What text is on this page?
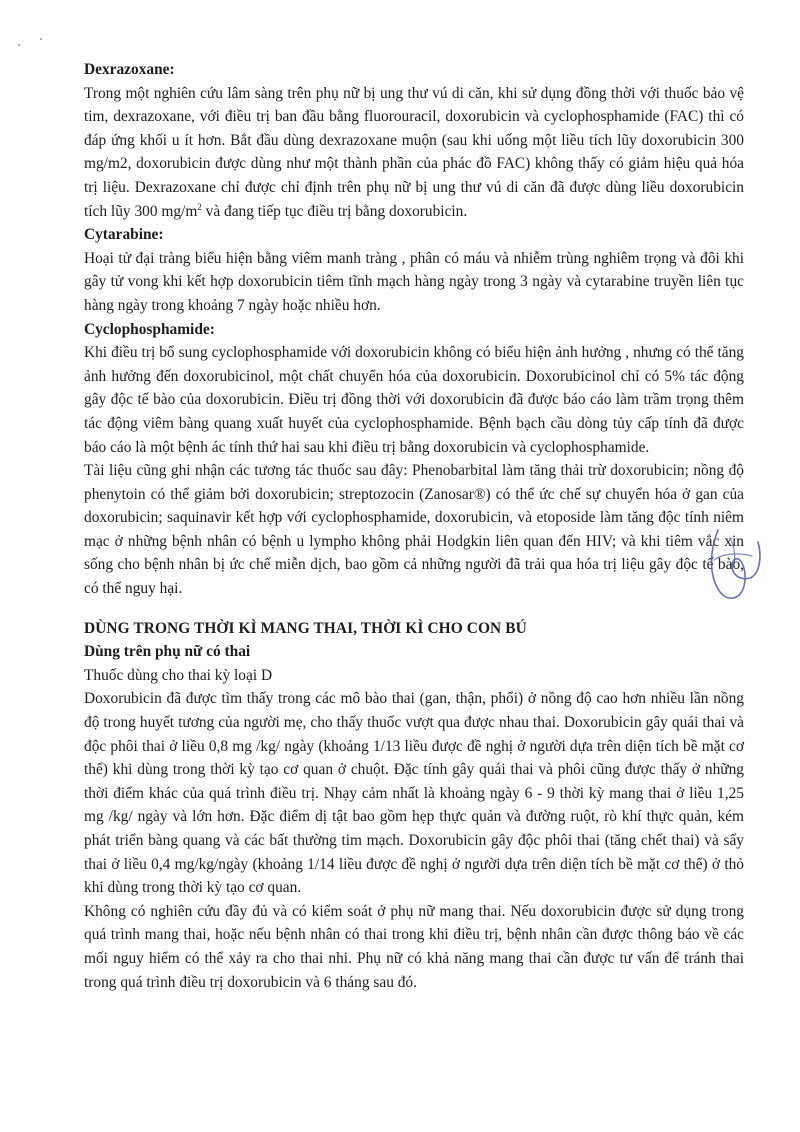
Dexrazoxane:

Trong một nghiên cứu lâm sàng trên phụ nữ bị ung thư vú di căn, khi sử dụng đồng thời với thuốc bảo vệ tim, dexrazoxane, với điều trị ban đầu bằng fluorouracil, doxorubicin và cyclophosphamide (FAC) thì có đáp ứng khối u ít hơn. Bắt đầu dùng dexrazoxane muộn (sau khi uống một liều tích lũy doxorubicin 300 mg/m2, doxorubicin được dùng như một thành phần của phác đồ FAC) không thấy có giảm hiệu quả hóa trị liệu. Dexrazoxane chỉ được chỉ định trên phụ nữ bị ung thư vú di căn đã được dùng liều doxorubicin tích lũy 300 $mg/m^2$ và đang tiếp tục điều trị bằng doxorubicin.

Cytarabine:

Hoại tử đại tràng biểu hiện bằng viêm manh tràng , phân có máu và nhiễm trùng nghiêm trọng và đôi khi gây tử vong khi kết hợp doxorubicin tiêm tĩnh mạch hàng ngày trong 3 ngày và cytarabine truyền liên tục hàng ngày trong khoảng 7 ngày hoặc nhiều hơn.

Cyclophosphamide:

Khi điều trị bổ sung cyclophosphamide với doxorubicin không có biểu hiện ảnh hưởng , nhưng có thể tăng ảnh hưởng đến doxorubicinol, một chất chuyển hóa của doxorubicin. Doxorubicinol chỉ có 5% tác động gây độc tế bào của doxorubicin. Điều trị đồng thời với doxorubicin đã được báo cáo làm trầm trọng thêm tác động viêm bàng quang xuất huyết của cyclophosphamide. Bệnh bạch cầu dòng tủy cấp tính đã được báo cáo là một bệnh ác tính thứ hai sau khi điều trị bằng doxorubicin và cyclophosphamide.

Tài liệu cũng ghi nhận các tương tác thuốc sau đây: Phenobarbital làm tăng thải trừ doxorubicin; nồng độ phenytoin có thể giảm bởi doxorubicin; streptozocin (Zanosar®) có thể ức chế sự chuyển hóa ở gan của doxorubicin; saquinavir kết hợp với cyclophosphamide, doxorubicin, và etoposide làm tăng độc tính niêm mạc ở những bệnh nhân có bệnh u lympho không phải Hodgkin liên quan đến HIV; và khi tiêm vắc xin sống cho bệnh nhân bị ức chế miễn dịch, bao gồm cả những người đã trải qua hóa trị liệu gây độc tế bào, có thể nguy hại.

DÙNG TRONG THỜI KÌ MANG THAI, THỜI KÌ CHO CON BÚ

Dùng trên phụ nữ có thai

Thuốc dùng cho thai kỳ loại D

Doxorubicin đã được tìm thấy trong các mô bào thai (gan, thận, phổi) ở nồng độ cao hơn nhiều lần nồng độ trong huyết tương của người mẹ, cho thấy thuốc vượt qua được nhau thai. Doxorubicin gây quái thai và độc phôi thai ở liều 0,8 mg /kg/ ngày (khoảng 1/13 liều được đề nghị ở người dựa trên diện tích bề mặt cơ thể) khi dùng trong thời kỳ tạo cơ quan ở chuột. Đặc tính gây quái thai và phôi cũng được thấy ở những thời điểm khác của quá trình điều trị. Nhạy cảm nhất là khoảng ngày 6 - 9 thời kỳ mang thai ở liều 1,25 mg /kg/ ngày và lớn hơn. Đặc điểm dị tật bao gồm hẹp thực quản và đường ruột, rò khí thực quản, kém phát triển bàng quang và các bất thường tim mạch. Doxorubicin gây độc phôi thai (tăng chết thai) và sẩy thai ở liều 0,4 mg/kg/ngày (khoảng 1/14 liều được đề nghị ở người dựa trên diện tích bề mặt cơ thể) ở thỏ khi dùng trong thời kỳ tạo cơ quan.

Không có nghiên cứu đầy đủ và có kiểm soát ở phụ nữ mang thai. Nếu doxorubicin được sử dụng trong quá trình mang thai, hoặc nếu bệnh nhân có thai trong khi điều trị, bệnh nhân cần được thông báo về các mối nguy hiểm có thể xảy ra cho thai nhi. Phụ nữ có khả năng mang thai cần được tư vấn để tránh thai trong quá trình điều trị doxorubicin và 6 tháng sau đó.
